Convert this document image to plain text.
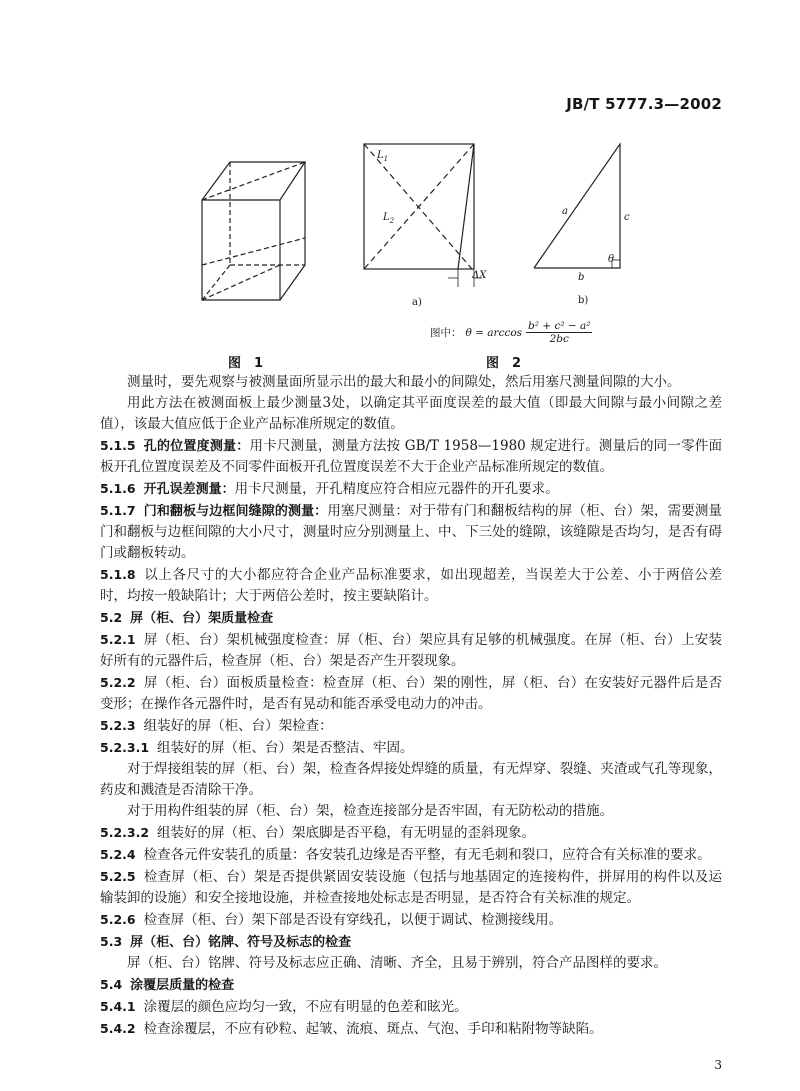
JB/T 5777.3—2002
图　1
$L_1$
$L_2$
ΔX
a)
a
c
b
θ
b)
图中： θ = arccos
b² + c² − a²
2bc
图　2

测量时，要先观察与被测量面所显示出的最大和最小的间隙处，然后用塞尺测量间隙的大小。

用此方法在被测面板上最少测量3处，以确定其平面度误差的最大值（即最大间隙与最小间隙之差值），该最大值应低于企业产品标准所规定的数值。

5.1.5 孔的位置度测量：用卡尺测量，测量方法按 GB/T 1958—1980 规定进行。测量后的同一零件面板开孔位置度误差及不同零件面板开孔位置度误差不大于企业产品标准所规定的数值。

5.1.6 开孔误差测量：用卡尺测量，开孔精度应符合相应元器件的开孔要求。

5.1.7 门和翻板与边框间缝隙的测量：用塞尺测量：对于带有门和翻板结构的屏（柜、台）架，需要测量门和翻板与边框间隙的大小尺寸，测量时应分别测量上、中、下三处的缝隙，该缝隙是否均匀，是否有碍门或翻板转动。

5.1.8 以上各尺寸的大小都应符合企业产品标准要求，如出现超差，当误差大于公差、小于两倍公差时，均按一般缺陷计；大于两倍公差时，按主要缺陷计。

5.2 屏（柜、台）架质量检查

5.2.1 屏（柜、台）架机械强度检查：屏（柜、台）架应具有足够的机械强度。在屏（柜、台）上安装好所有的元器件后，检查屏（柜、台）架是否产生开裂现象。

5.2.2 屏（柜、台）面板质量检查：检查屏（柜、台）架的刚性，屏（柜、台）在安装好元器件后是否变形；在操作各元器件时，是否有晃动和能否承受电动力的冲击。

5.2.3 组装好的屏（柜、台）架检查：

5.2.3.1 组装好的屏（柜、台）架是否整洁、牢固。

对于焊接组装的屏（柜、台）架，检查各焊接处焊缝的质量，有无焊穿、裂缝、夹渣或气孔等现象，药皮和溅渣是否清除干净。

对于用构件组装的屏（柜、台）架，检查连接部分是否牢固，有无防松动的措施。

5.2.3.2 组装好的屏（柜、台）架底脚是否平稳，有无明显的歪斜现象。

5.2.4 检查各元件安装孔的质量：各安装孔边缘是否平整，有无毛刺和裂口，应符合有关标准的要求。

5.2.5 检查屏（柜、台）架是否提供紧固安装设施（包括与地基固定的连接构件，拼屏用的构件以及运输装卸的设施）和安全接地设施，并检查接地处标志是否明显，是否符合有关标准的规定。

5.2.6 检查屏（柜、台）架下部是否设有穿线孔，以便于调试、检测接线用。

5.3 屏（柜、台）铭牌、符号及标志的检查

屏（柜、台）铭牌、符号及标志应正确、清晰、齐全，且易于辨别，符合产品图样的要求。

5.4 涂覆层质量的检查

5.4.1 涂覆层的颜色应均匀一致，不应有明显的色差和眩光。

5.4.2 检查涂覆层，不应有砂粒、起皱、流痕、斑点、气泡、手印和粘附物等缺陷。

3
